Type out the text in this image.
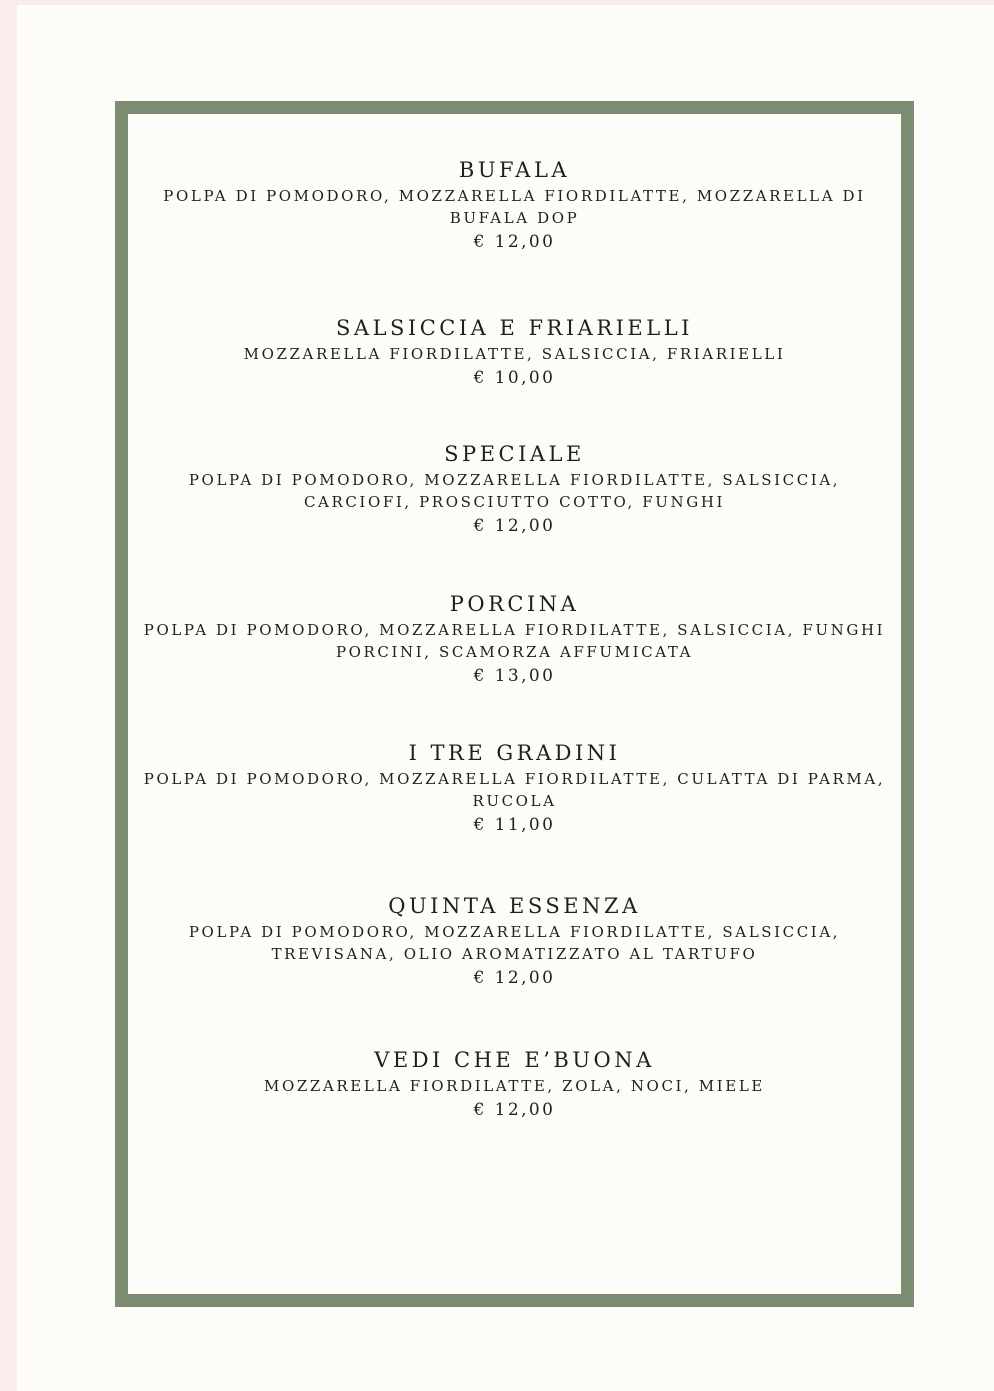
BUFALA
POLPA DI POMODORO, MOZZARELLA FIORDILATTE, MOZZARELLA DI
BUFALA DOP
€ 12,00
SALSICCIA E FRIARIELLI
MOZZARELLA FIORDILATTE, SALSICCIA, FRIARIELLI
€ 10,00
SPECIALE
POLPA DI POMODORO, MOZZARELLA FIORDILATTE, SALSICCIA,
CARCIOFI, PROSCIUTTO COTTO, FUNGHI
€ 12,00
PORCINA
POLPA DI POMODORO, MOZZARELLA FIORDILATTE, SALSICCIA, FUNGHI
PORCINI, SCAMORZA AFFUMICATA
€ 13,00
I TRE GRADINI
POLPA DI POMODORO, MOZZARELLA FIORDILATTE, CULATTA DI PARMA,
RUCOLA
€ 11,00
QUINTA ESSENZA
POLPA DI POMODORO, MOZZARELLA FIORDILATTE, SALSICCIA,
TREVISANA, OLIO AROMATIZZATO AL TARTUFO
€ 12,00
VEDI CHE E’BUONA
MOZZARELLA FIORDILATTE, ZOLA, NOCI, MIELE
€ 12,00
